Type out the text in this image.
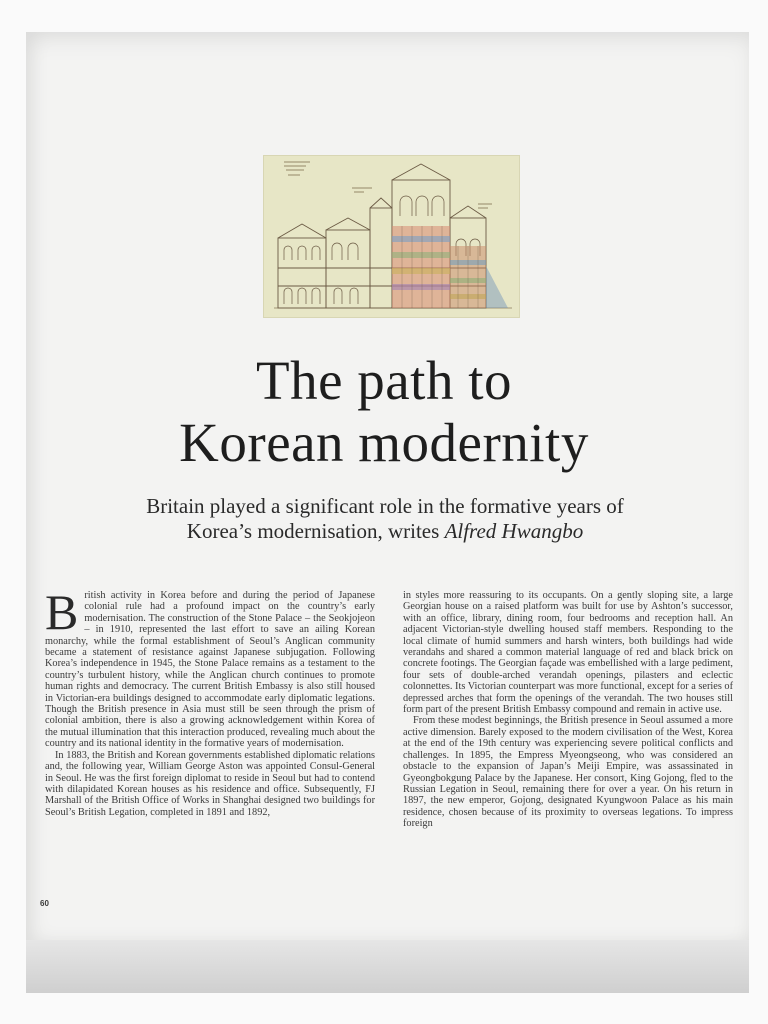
The path to
Korean modernity
Britain played a significant role in the formative years of
Korea’s modernisation, writes Alfred Hwangbo

British activity in Korea before and during the period of Japanese colonial rule had a profound impact on the country’s early modernisation. The construction of the Stone Palace – the Seokjojeon – in 1910, represented the last effort to save an ailing Korean monarchy, while the formal establishment of Seoul’s Anglican community became a statement of resistance against Japanese subjugation. Following Korea’s independence in 1945, the Stone Palace remains as a testament to the country’s turbulent history, while the Anglican church continues to promote human rights and democracy. The current British Embassy is also still housed in Victorian-era buildings designed to accommodate early diplomatic legations. Though the British presence in Asia must still be seen through the prism of colonial ambition, there is also a growing acknowledgement within Korea of the mutual illumination that this interaction produced, revealing much about the country and its national identity in the formative years of modernisation.

In 1883, the British and Korean governments established diplomatic relations and, the following year, William George Aston was appointed Consul-General in Seoul. He was the first foreign diplomat to reside in Seoul but had to contend with dilapidated Korean houses as his residence and office. Subsequently, FJ Marshall of the British Office of Works in Shanghai designed two buildings for Seoul’s British Legation, completed in 1891 and 1892,

in styles more reassuring to its occupants. On a gently sloping site, a large Georgian house on a raised platform was built for use by Ashton’s successor, with an office, library, dining room, four bedrooms and reception hall. An adjacent Victorian-style dwelling housed staff members. Responding to the local climate of humid summers and harsh winters, both buildings had wide verandahs and shared a common material language of red and black brick on concrete footings. The Georgian façade was embellished with a large pediment, four sets of double-arched verandah openings, pilasters and eclectic colonnettes. Its Victorian counterpart was more functional, except for a series of depressed arches that form the openings of the verandah. The two houses still form part of the present British Embassy compound and remain in active use.

From these modest beginnings, the British presence in Seoul assumed a more active dimension. Barely exposed to the modern civilisation of the West, Korea at the end of the 19th century was experiencing severe political conflicts and challenges. In 1895, the Empress Myeongseong, who was considered an obstacle to the expansion of Japan’s Meiji Empire, was assassinated in Gyeongbokgung Palace by the Japanese. Her consort, King Gojong, fled to the Russian Legation in Seoul, remaining there for over a year. On his return in 1897, the new emperor, Gojong, designated Kyungwoon Palace as his main residence, chosen because of its proximity to overseas legations. To impress foreign

60
